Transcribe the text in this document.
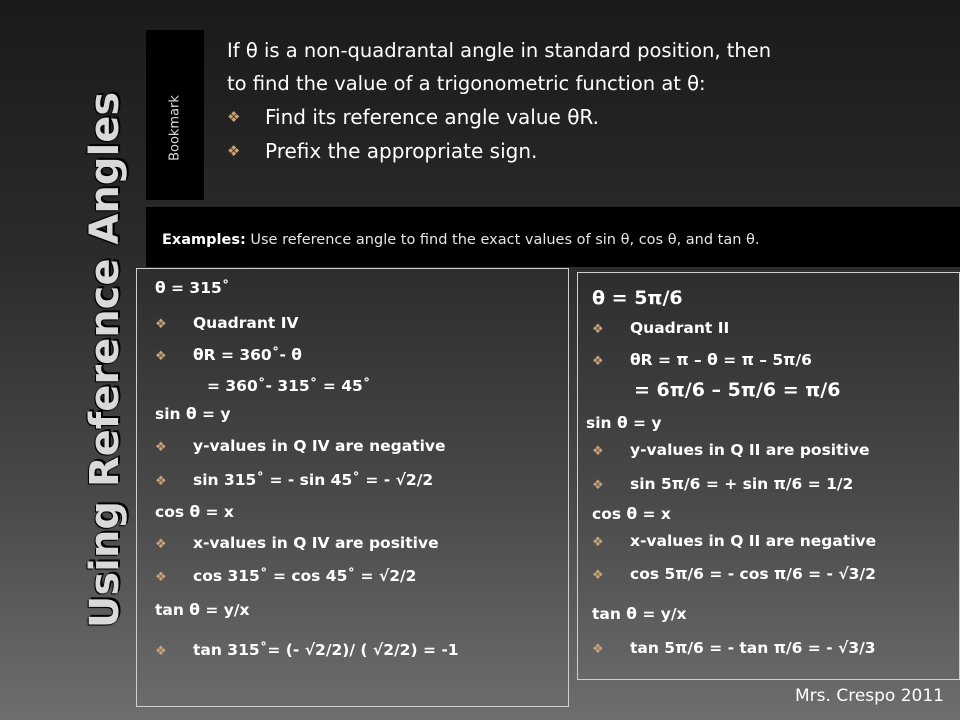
Using Reference Angles	Bookmark
If θ is a non-quadrantal angle in standard position, then
to find the value of a trigonometric function at θ:
❖ Find its reference angle value θR.
❖ Prefix the appropriate sign.
Examples: Use reference angle to find the exact values of sin θ, cos θ, and tan θ.
θ = 315˚
❖ Quadrant IV
❖ θR = 360˚- θ
= 360˚- 315˚ = 45˚
sin θ = y
❖ y-values in Q IV are negative
❖ sin 315˚ = - sin 45˚ = - √2/2
cos θ = x
❖ x-values in Q IV are positive
❖ cos 315˚ = cos 45˚ = √2/2
tan θ = y/x
❖ tan 315˚= (- √2/2)/ ( √2/2) = -1
θ = 5π/6
❖ Quadrant II
❖ θR = π – θ = π – 5π/6
= 6π/6 – 5π/6 = π/6
sin θ = y
❖ y-values in Q II are positive
❖ sin 5π/6 = + sin π/6 = 1/2
cos θ = x
❖ x-values in Q II are negative
❖ cos 5π/6 = - cos π/6 = - √3/2
tan θ = y/x
❖ tan 5π/6 = - tan π/6 = - √3/3
Mrs. Crespo 2011
